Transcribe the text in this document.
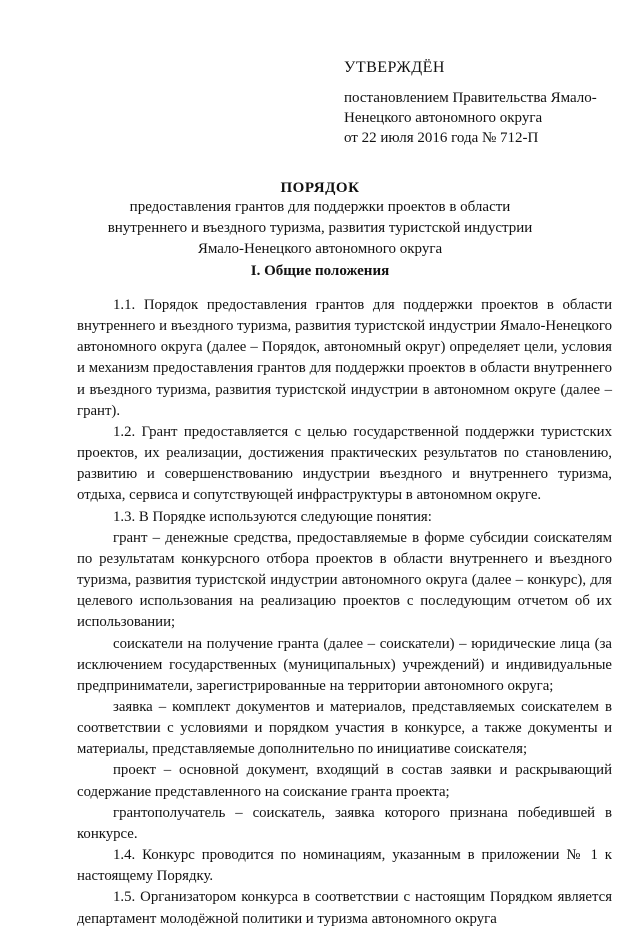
УТВЕРЖДЁН
постановлением Правительства Ямало-
Ненецкого автономного округа
от 22 июля 2016 года № 712-П
ПОРЯДОК
предоставления грантов для поддержки проектов в области внутреннего и въездного туризма, развития туристской индустрии Ямало-Ненецкого автономного округа
I. Общие положения

1.1. Порядок предоставления грантов для поддержки проектов в области внутреннего и въездного туризма, развития туристской индустрии Ямало-Ненецкого автономного округа (далее – Порядок, автономный округ) определяет цели, условия и механизм предоставления грантов для поддержки проектов в области внутреннего и въездного туризма, развития туристской индустрии в автономном округе (далее – грант).

1.2. Грант предоставляется с целью государственной поддержки туристских проектов, их реализации, достижения практических результатов по становлению, развитию и совершенствованию индустрии въездного и внутреннего туризма, отдыха, сервиса и сопутствующей инфраструктуры в автономном округе.

1.3. В Порядке используются следующие понятия:

грант – денежные средства, предоставляемые в форме субсидии соискателям по результатам конкурсного отбора проектов в области внутреннего и въездного туризма, развития туристской индустрии автономного округа (далее – конкурс), для целевого использования на реализацию проектов с последующим отчетом об их использовании;

соискатели на получение гранта (далее – соискатели) – юридические лица (за исключением государственных (муниципальных) учреждений) и индивидуальные предприниматели, зарегистрированные на территории автономного округа;

заявка – комплект документов и материалов, представляемых соискателем в соответствии с условиями и порядком участия в конкурсе, а также документы и материалы, представляемые дополнительно по инициативе соискателя;

проект – основной документ, входящий в состав заявки и раскрывающий содержание представленного на соискание гранта проекта;

грантополучатель – соискатель, заявка которого признана победившей в конкурсе.

1.4. Конкурс проводится по номинациям, указанным в приложении № 1 к настоящему Порядку.

1.5. Организатором конкурса в соответствии с настоящим Порядком является департамент молодёжной политики и туризма автономного округа
